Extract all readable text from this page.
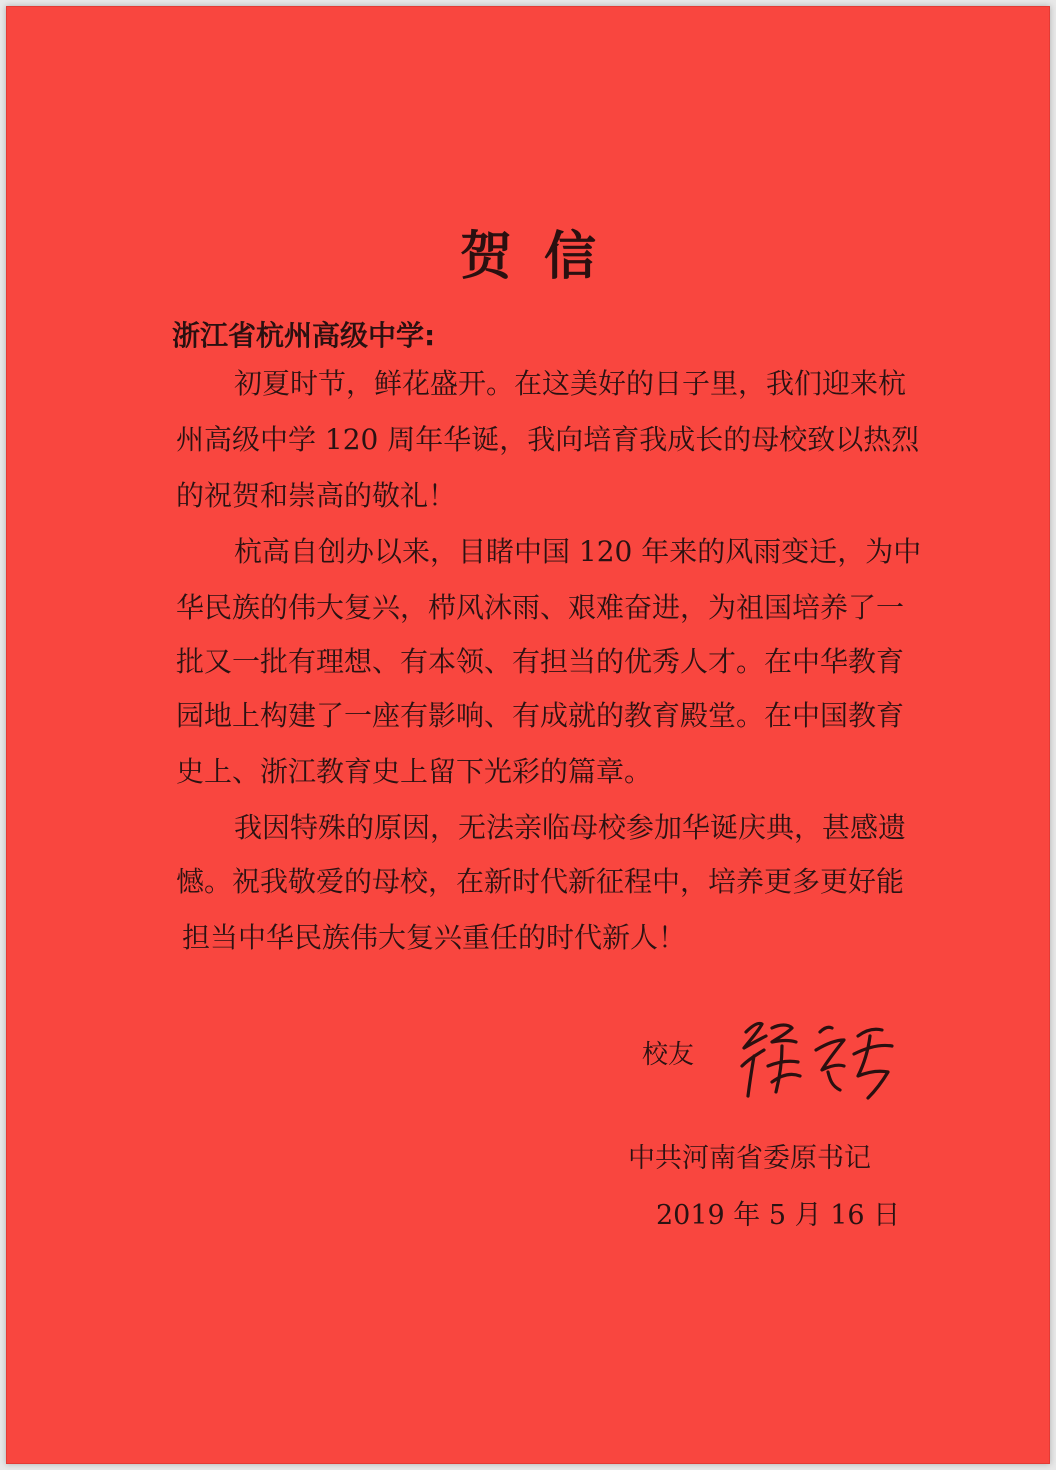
贺信
浙江省杭州高级中学:
初夏时节，鲜花盛开。在这美好的日子里，我们迎来杭
州高级中学 120 周年华诞，我向培育我成长的母校致以热烈
的祝贺和崇高的敬礼！
杭高自创办以来，目睹中国 120 年来的风雨变迁，为中
华民族的伟大复兴，栉风沐雨、艰难奋进，为祖国培养了一
批又一批有理想、有本领、有担当的优秀人才。在中华教育
园地上构建了一座有影响、有成就的教育殿堂。在中国教育
史上、浙江教育史上留下光彩的篇章。
我因特殊的原因，无法亲临母校参加华诞庆典，甚感遗
憾。祝我敬爱的母校，在新时代新征程中，培养更多更好能
担当中华民族伟大复兴重任的时代新人！
校友
中共河南省委原书记
2019 年 5 月 16 日
